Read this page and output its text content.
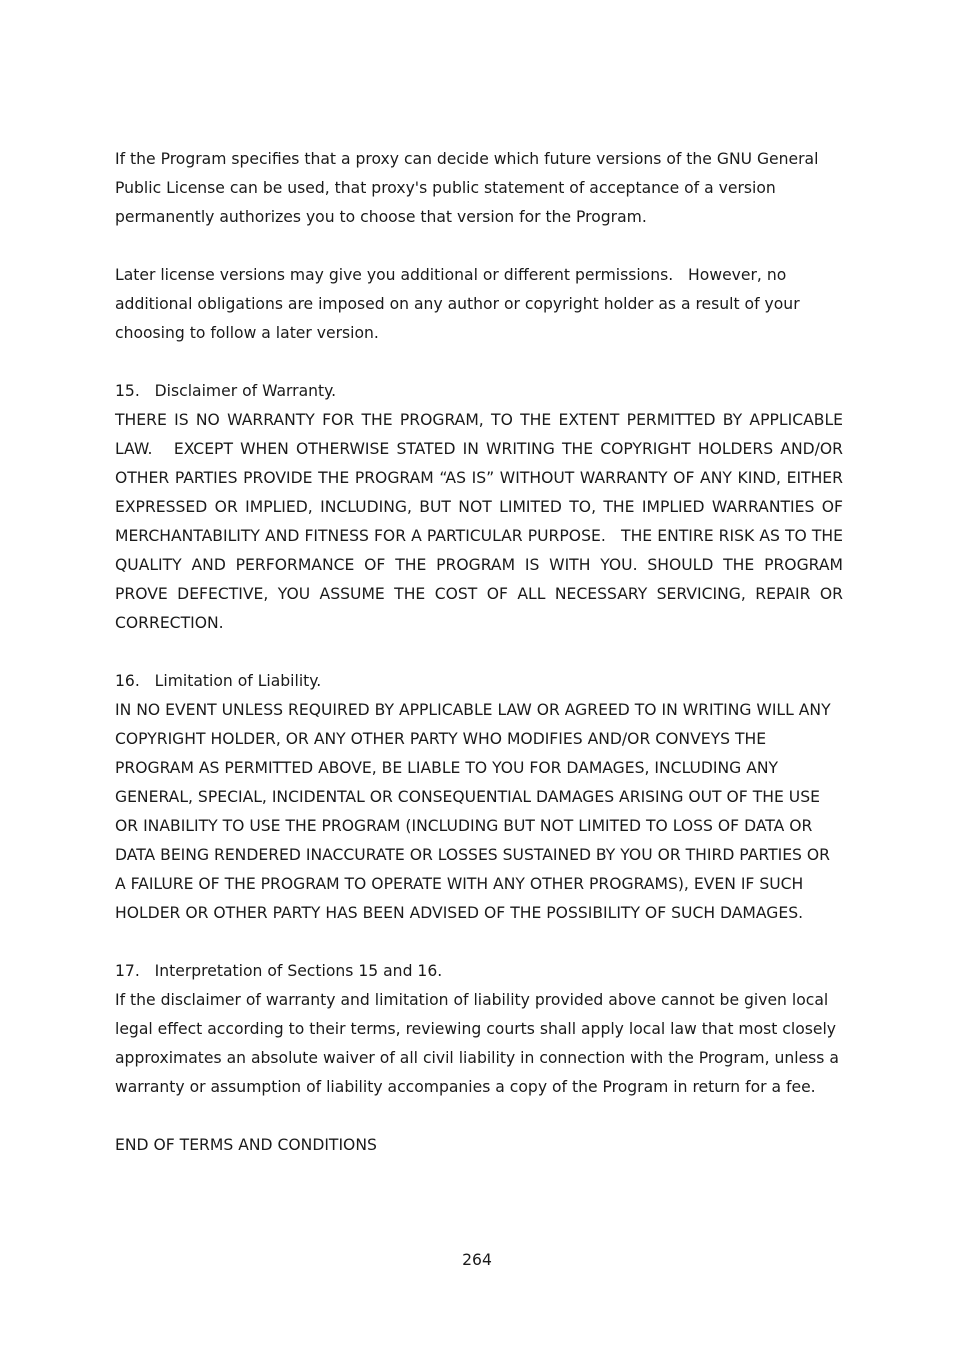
If the Program specifies that a proxy can decide which future versions of the GNU General Public License can be used, that proxy's public statement of acceptance of a version permanently authorizes you to choose that version for the Program.

Later license versions may give you additional or different permissions.   However, no additional obligations are imposed on any author or copyright holder as a result of your choosing to follow a later version.

15.   Disclaimer of Warranty.

THERE IS NO WARRANTY FOR THE PROGRAM, TO THE EXTENT PERMITTED BY APPLICABLE LAW.   EXCEPT WHEN OTHERWISE STATED IN WRITING THE COPYRIGHT HOLDERS AND/OR OTHER PARTIES PROVIDE THE PROGRAM “AS IS” WITHOUT WARRANTY OF ANY KIND, EITHER EXPRESSED OR IMPLIED, INCLUDING, BUT NOT LIMITED TO, THE IMPLIED WARRANTIES OF MERCHANTABILITY AND FITNESS FOR A PARTICULAR PURPOSE.   THE ENTIRE RISK AS TO THE QUALITY AND PERFORMANCE OF THE PROGRAM IS WITH YOU. SHOULD THE PROGRAM PROVE DEFECTIVE, YOU ASSUME THE COST OF ALL NECESSARY SERVICING, REPAIR OR CORRECTION.

16.   Limitation of Liability.

IN NO EVENT UNLESS REQUIRED BY APPLICABLE LAW OR AGREED TO IN WRITING WILL ANY COPYRIGHT HOLDER, OR ANY OTHER PARTY WHO MODIFIES AND/OR CONVEYS THE PROGRAM AS PERMITTED ABOVE, BE LIABLE TO YOU FOR DAMAGES, INCLUDING ANY GENERAL, SPECIAL, INCIDENTAL OR CONSEQUENTIAL DAMAGES ARISING OUT OF THE USE OR INABILITY TO USE THE PROGRAM (INCLUDING BUT NOT LIMITED TO LOSS OF DATA OR DATA BEING RENDERED INACCURATE OR LOSSES SUSTAINED BY YOU OR THIRD PARTIES OR A FAILURE OF THE PROGRAM TO OPERATE WITH ANY OTHER PROGRAMS), EVEN IF SUCH HOLDER OR OTHER PARTY HAS BEEN ADVISED OF THE POSSIBILITY OF SUCH DAMAGES.

17.   Interpretation of Sections 15 and 16.

If the disclaimer of warranty and limitation of liability provided above cannot be given local legal effect according to their terms, reviewing courts shall apply local law that most closely approximates an absolute waiver of all civil liability in connection with the Program, unless a warranty or assumption of liability accompanies a copy of the Program in return for a fee.

END OF TERMS AND CONDITIONS

264
